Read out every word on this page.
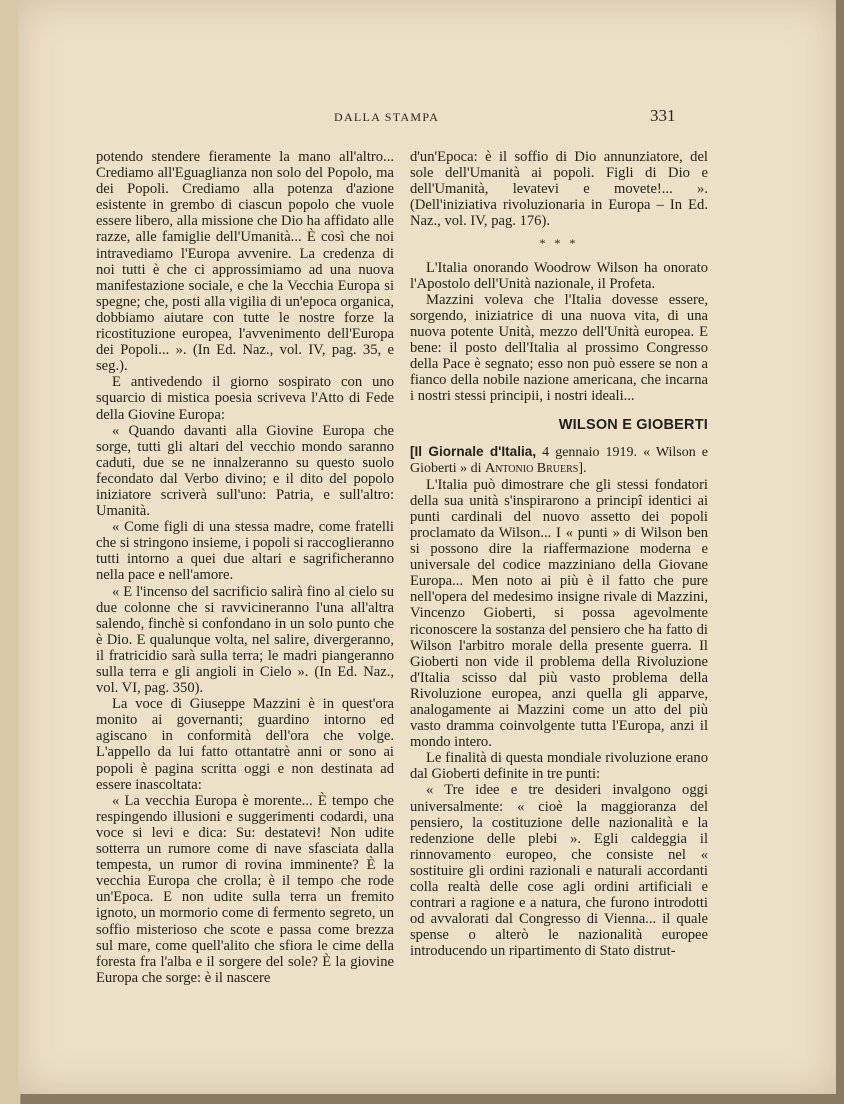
DALLA STAMPA	331

potendo stendere fieramente la mano all'altro... Crediamo all'Eguaglianza non solo del Popolo, ma dei Popoli. Crediamo alla potenza d'azione esistente in grembo di ciascun popolo che vuole essere libero, alla missione che Dio ha affidato alle razze, alle famiglie dell'Umanità... È così che noi intravediamo l'Europa avvenire. La credenza di noi tutti è che ci approssimiamo ad una nuova manifestazione sociale, e che la Vecchia Europa si spegne; che, posti alla vigilia di un'epoca organica, dobbiamo aiutare con tutte le nostre forze la ricostituzione europea, l'avvenimento dell'Europa dei Popoli... ». (In Ed. Naz., vol. IV, pag. 35, e seg.).

E antivedendo il giorno sospirato con uno squarcio di mistica poesia scriveva l'Atto di Fede della Giovine Europa:

« Quando davanti alla Giovine Europa che sorge, tutti gli altari del vecchio mondo saranno caduti, due se ne innalzeranno su questo suolo fecondato dal Verbo divino; e il dito del popolo iniziatore scriverà sull'uno: Patria, e sull'altro: Umanità.

« Come figli di una stessa madre, come fratelli che si stringono insieme, i popoli si raccoglieranno tutti intorno a quei due altari e sagrificheranno nella pace e nell'amore.

« E l'incenso del sacrificio salirà fino al cielo su due colonne che si ravvicineranno l'una all'altra salendo, finchè si confondano in un solo punto che è Dio. E qualunque volta, nel salire, divergeranno, il fratricidio sarà sulla terra; le madri piangeranno sulla terra e gli angioli in Cielo ». (In Ed. Naz., vol. VI, pag. 350).

La voce di Giuseppe Mazzini è in quest'ora monito ai governanti; guardino intorno ed agiscano in conformità dell'ora che volge. L'appello da lui fatto ottantatrè anni or sono ai popoli è pagina scritta oggi e non destinata ad essere inascoltata:

« La vecchia Europa è morente... È tempo che respingendo illusioni e suggerimenti codardi, una voce si levi e dica: Su: destatevi! Non udite sotterra un rumore come di nave sfasciata dalla tempesta, un rumor di rovina imminente? È la vecchia Europa che crolla; è il tempo che rode un'Epoca. E non udite sulla terra un fremito ignoto, un mormorio come di fermento segreto, un soffio misterioso che scote e passa come brezza sul mare, come quell'alito che sfiora le cime della foresta fra l'alba e il sorgere del sole? È la giovine Europa che sorge: è il nascere

d'un'Epoca: è il soffio di Dio annunziatore, del sole dell'Umanità ai popoli. Figli di Dio e dell'Umanità, levatevi e movete!... ». (Dell'iniziativa rivoluzionaria in Europa – In Ed. Naz., vol. IV, pag. 176).

* * *

L'Italia onorando Woodrow Wilson ha onorato l'Apostolo dell'Unità nazionale, il Profeta.

Mazzini voleva che l'Italia dovesse essere, sorgendo, iniziatrice di una nuova vita, di una nuova potente Unità, mezzo dell'Unità europea. E bene: il posto dell'Italia al prossimo Congresso della Pace è segnato; esso non può essere se non a fianco della nobile nazione americana, che incarna i nostri stessi principii, i nostri ideali...

WILSON E GIOBERTI

[Il Giornale d'Italia, 4 gennaio 1919. « Wilson e Gioberti » di Antonio Bruers].

L'Italia può dimostrare che gli stessi fondatori della sua unità s'inspirarono a principî identici ai punti cardinali del nuovo assetto dei popoli proclamato da Wilson... I « punti » di Wilson ben si possono dire la riaffermazione moderna e universale del codice mazziniano della Giovane Europa... Men noto ai più è il fatto che pure nell'opera del medesimo insigne rivale di Mazzini, Vincenzo Gioberti, si possa agevolmente riconoscere la sostanza del pensiero che ha fatto di Wilson l'arbitro morale della presente guerra. Il Gioberti non vide il problema della Rivoluzione d'Italia scisso dal più vasto problema della Rivoluzione europea, anzi quella gli apparve, analogamente ai Mazzini come un atto del più vasto dramma coinvolgente tutta l'Europa, anzi il mondo intero.

Le finalità di questa mondiale rivoluzione erano dal Gioberti definite in tre punti:

« Tre idee e tre desideri invalgono oggi universalmente: « cioè la maggioranza del pensiero, la costituzione delle nazionalità e la redenzione delle plebi ». Egli caldeggia il rinnovamento europeo, che consiste nel « sostituire gli ordini razionali e naturali accordanti colla realtà delle cose agli ordini artificiali e contrari a ragione e a natura, che furono introdotti od avvalorati dal Congresso di Vienna... il quale spense o alterò le nazionalità europee introducendo un ripartimento di Stato distrut-
